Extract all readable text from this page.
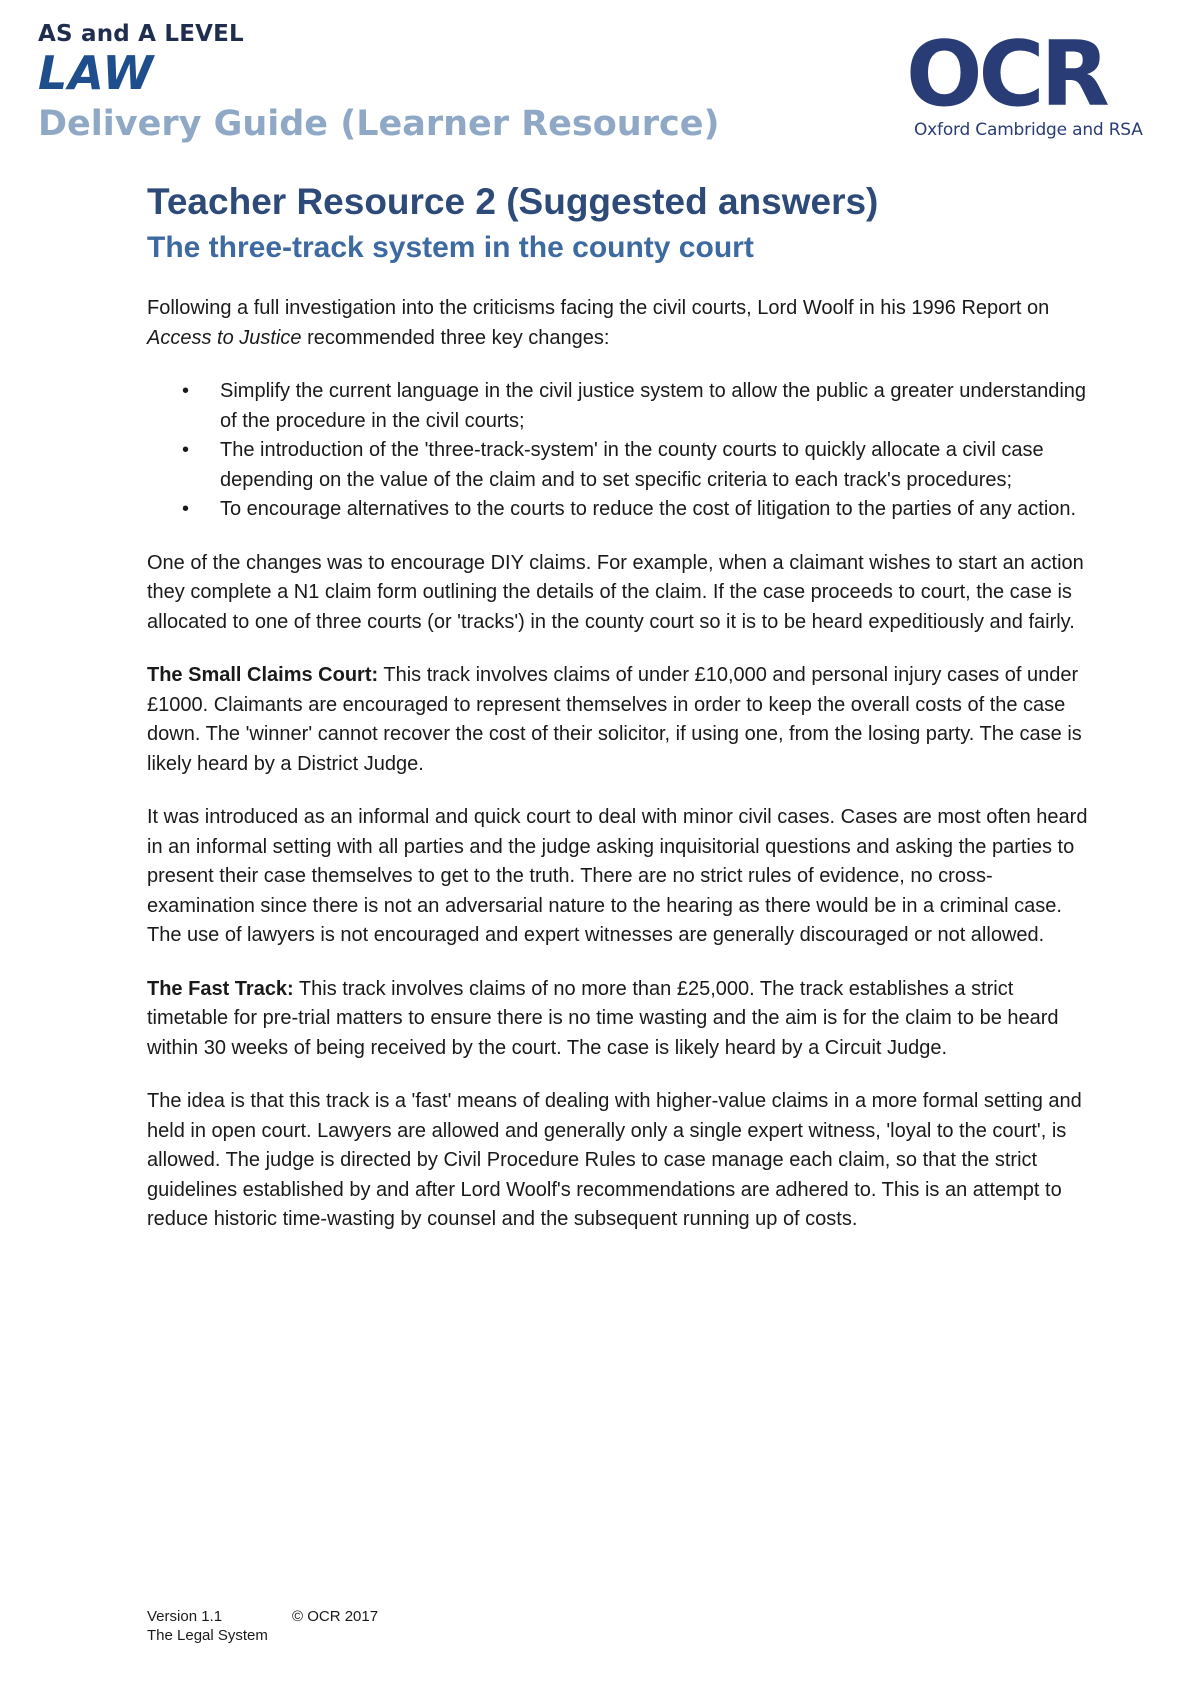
AS and A LEVEL
LAW
Delivery Guide (Learner Resource) OCR
Oxford Cambridge and RSA
Teacher Resource 2 (Suggested answers)
The three-track system in the county court

Following a full investigation into the criticisms facing the civil courts, Lord Woolf in his 1996 Report on Access to Justice recommended three key changes:

• Simplify the current language in the civil justice system to allow the public a greater understanding of the procedure in the civil courts;
• The introduction of the 'three-track-system' in the county courts to quickly allocate a civil case depending on the value of the claim and to set specific criteria to each track's procedures;
• To encourage alternatives to the courts to reduce the cost of litigation to the parties of any action.

One of the changes was to encourage DIY claims. For example, when a claimant wishes to start an action they complete a N1 claim form outlining the details of the claim. If the case proceeds to court, the case is allocated to one of three courts (or 'tracks') in the county court so it is to be heard expeditiously and fairly.

The Small Claims Court: This track involves claims of under £10,000 and personal injury cases of under £1000. Claimants are encouraged to represent themselves in order to keep the overall costs of the case down. The 'winner' cannot recover the cost of their solicitor, if using one, from the losing party. The case is likely heard by a District Judge.

It was introduced as an informal and quick court to deal with minor civil cases. Cases are most often heard in an informal setting with all parties and the judge asking inquisitorial questions and asking the parties to present their case themselves to get to the truth. There are no strict rules of evidence, no cross-examination since there is not an adversarial nature to the hearing as there would be in a criminal case. The use of lawyers is not encouraged and expert witnesses are generally discouraged or not allowed.

The Fast Track: This track involves claims of no more than £25,000. The track establishes a strict timetable for pre-trial matters to ensure there is no time wasting and the aim is for the claim to be heard within 30 weeks of being received by the court. The case is likely heard by a Circuit Judge.

The idea is that this track is a 'fast' means of dealing with higher-value claims in a more formal setting and held in open court. Lawyers are allowed and generally only a single expert witness, 'loyal to the court', is allowed. The judge is directed by Civil Procedure Rules to case manage each claim, so that the strict guidelines established by and after Lord Woolf's recommendations are adhered to. This is an attempt to reduce historic time-wasting by counsel and the subsequent running up of costs.

Version 1.1
The Legal System
© OCR 2017
